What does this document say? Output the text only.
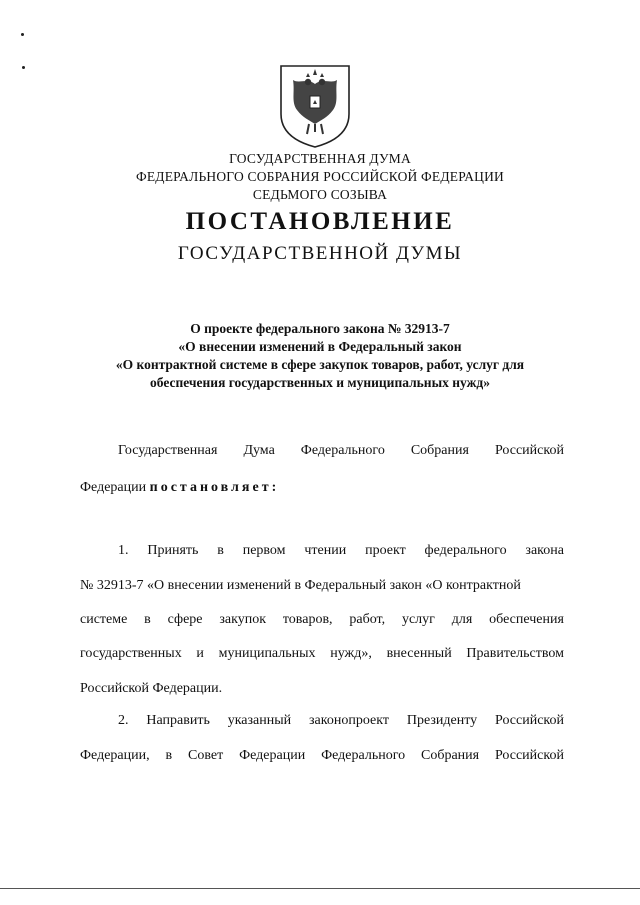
ГОСУДАРСТВЕННАЯ ДУМА
ФЕДЕРАЛЬНОГО СОБРАНИЯ РОССИЙСКОЙ ФЕДЕРАЦИИ
СЕДЬМОГО СОЗЫВА
ПОСТАНОВЛЕНИЕ
ГОСУДАРСТВЕННОЙ ДУМЫ
О проекте федерального закона № 32913-7
«О внесении изменений в Федеральный закон
«О контрактной системе в сфере закупок товаров, работ, услуг для
обеспечения государственных и муниципальных нужд»
Государственная Дума Федерального Собрания Российской
Федерации постановляет:
1. Принять в первом чтении проект федерального закона
№ 32913-7 «О внесении изменений в Федеральный закон «О контрактной
системе в сфере закупок товаров, работ, услуг для обеспечения
государственных и муниципальных нужд», внесенный Правительством
Российской Федерации.
2. Направить указанный законопроект Президенту Российской
Федерации, в Совет Федерации Федерального Собрания Российской
